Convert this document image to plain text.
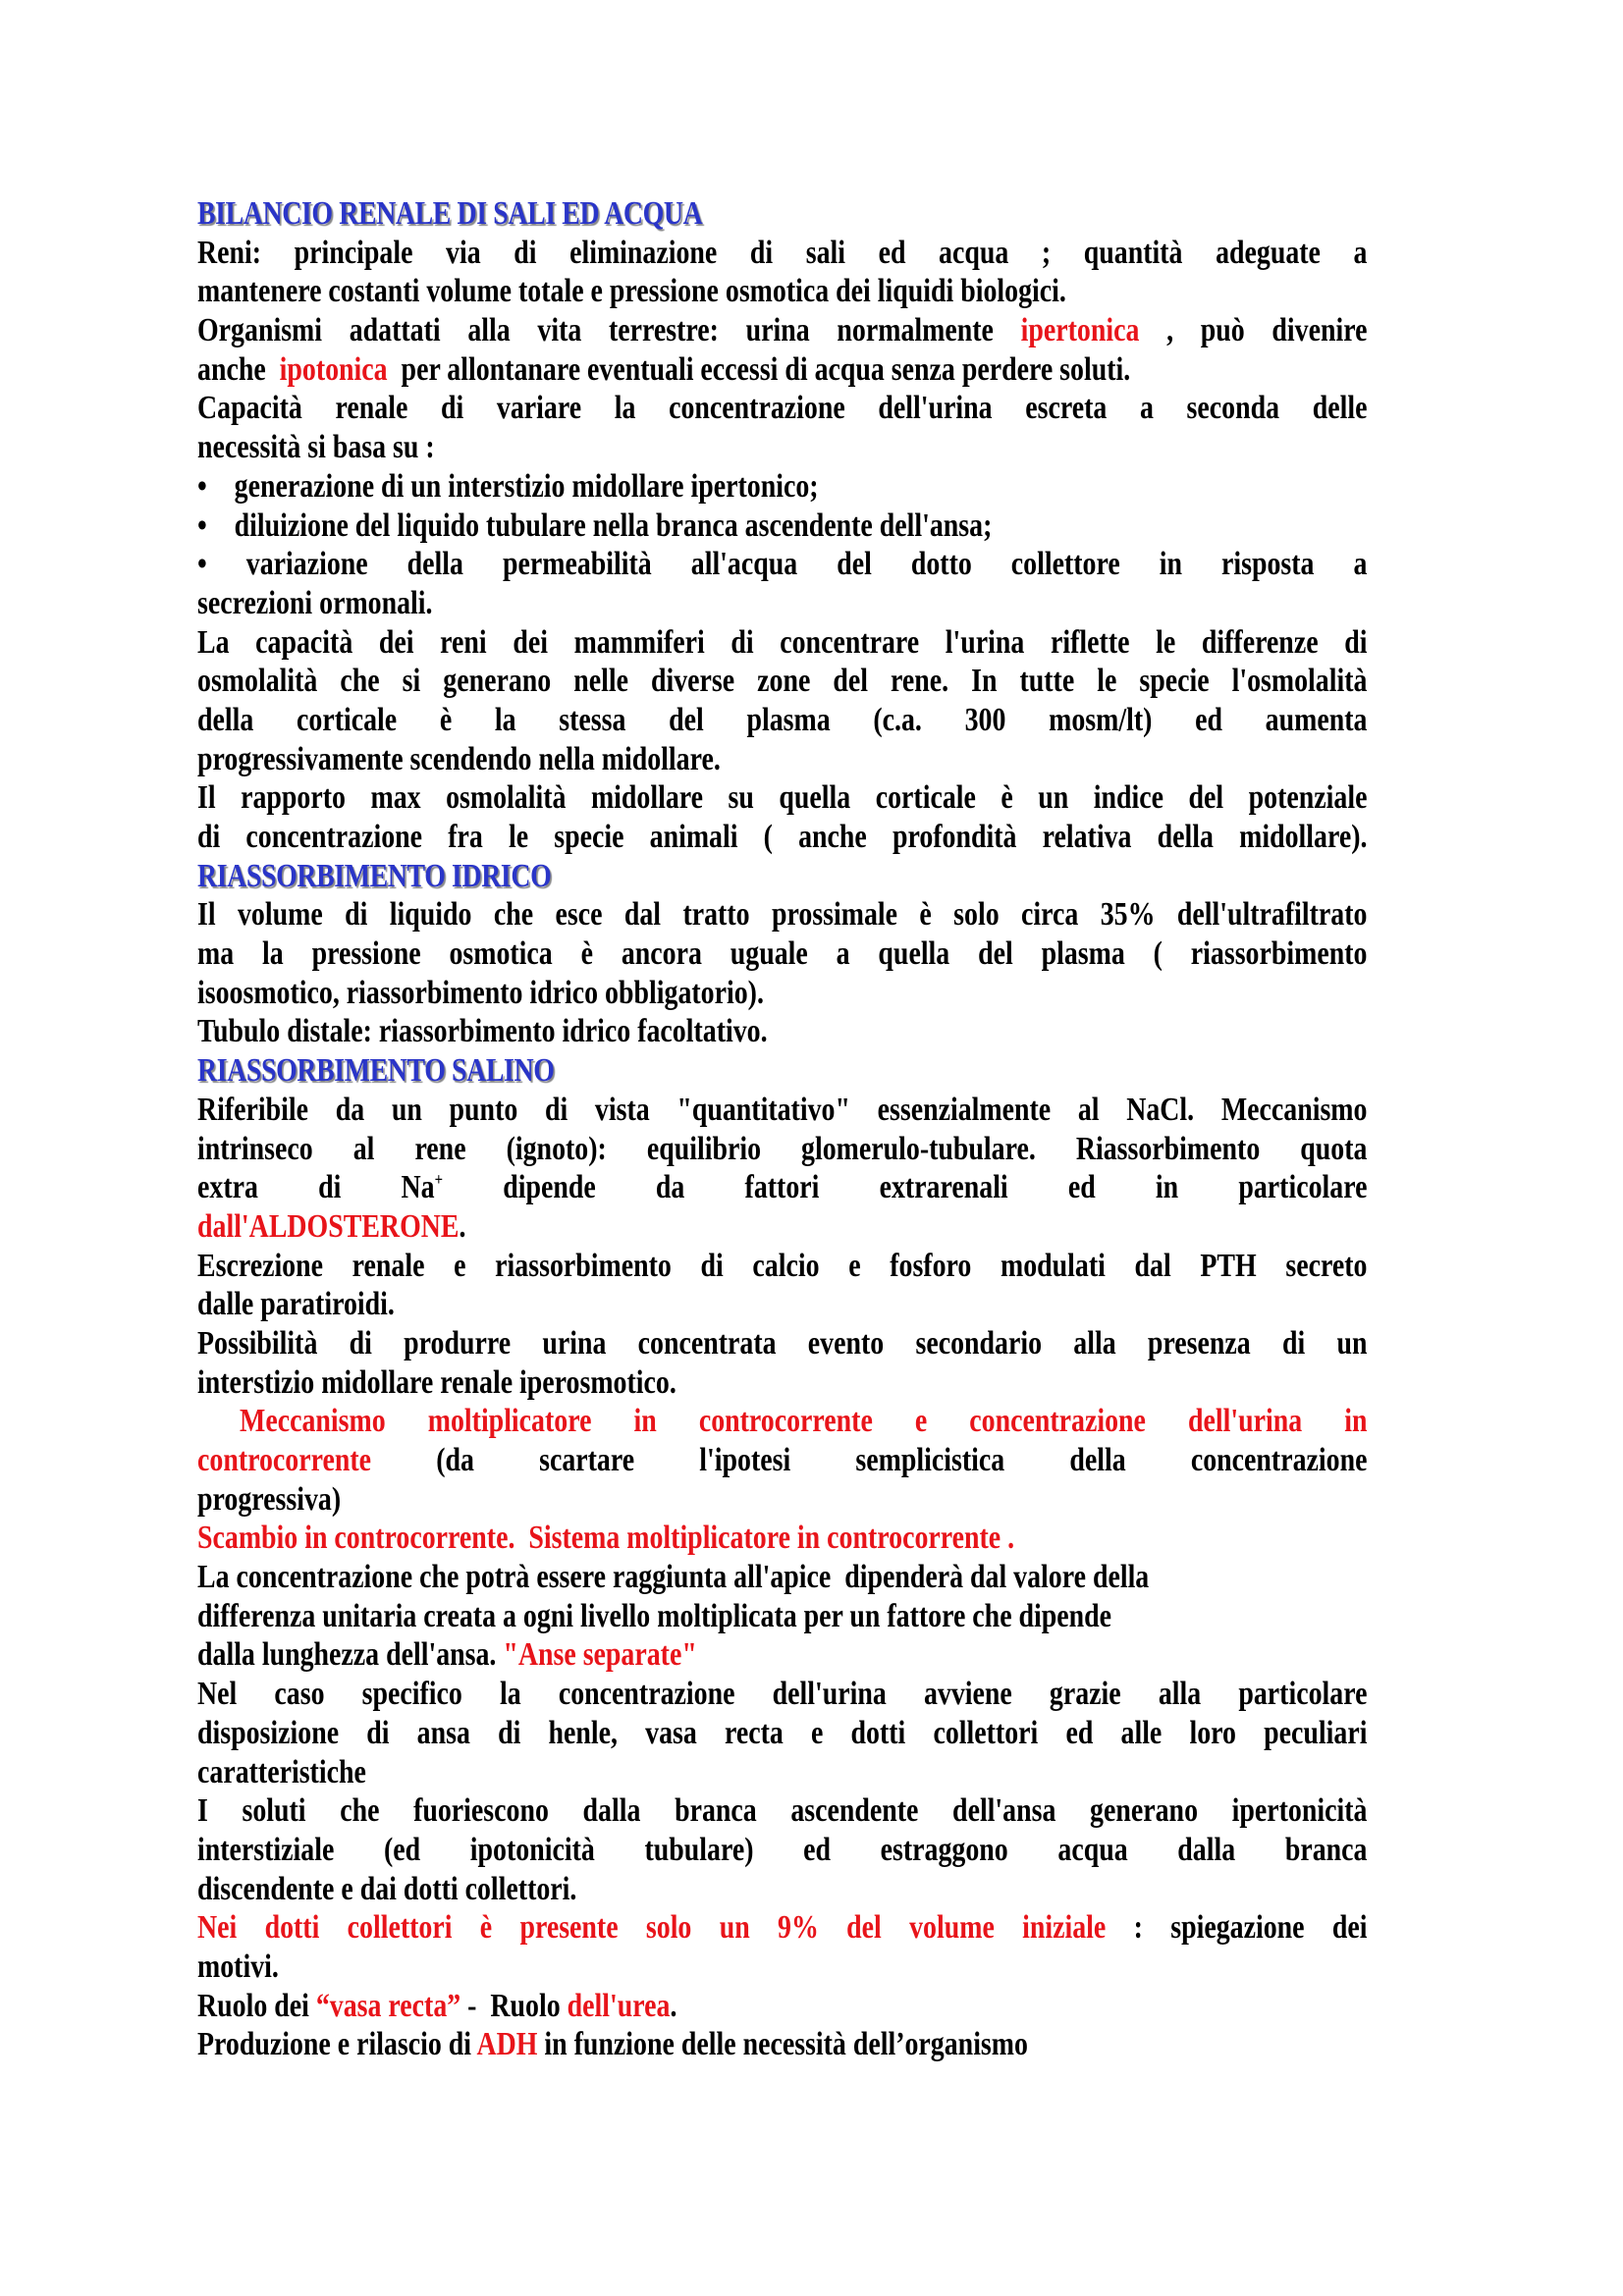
BILANCIO RENALE DI SALI ED ACQUA
Reni: principale via di eliminazione di sali ed acqua ; quantità adeguate a
mantenere costanti volume totale e pressione osmotica dei liquidi biologici.
Organismi adattati alla vita terrestre: urina normalmente ipertonica , può divenire
anche  ipotonica  per allontanare eventuali eccessi di acqua senza perdere soluti.
Capacità renale di variare la concentrazione dell'urina escreta a seconda delle
necessità si basa su :
•    generazione di un interstizio midollare ipertonico;
•    diluizione del liquido tubulare nella branca ascendente dell'ansa;
• variazione della permeabilità all'acqua del dotto collettore in risposta a
secrezioni ormonali.
La capacità dei reni dei mammiferi di concentrare l'urina riflette le differenze di
osmolalità che si generano nelle diverse zone del rene. In tutte le specie l'osmolalità
della corticale è la stessa del plasma (c.a. 300 mosm/lt) ed aumenta
progressivamente scendendo nella midollare.
Il rapporto max osmolalità midollare su quella corticale è un indice del potenziale
di concentrazione fra le specie animali ( anche profondità relativa della midollare).
RIASSORBIMENTO IDRICO
Il volume di liquido che esce dal tratto prossimale è solo circa 35% dell'ultrafiltrato
ma la pressione osmotica è ancora uguale a quella del plasma ( riassorbimento
isoosmotico, riassorbimento idrico obbligatorio).
Tubulo distale: riassorbimento idrico facoltativo.
RIASSORBIMENTO SALINO
Riferibile da un punto di vista "quantitativo" essenzialmente al NaCl. Meccanismo
intrinseco al rene (ignoto): equilibrio glomerulo-tubulare. Riassorbimento quota
extra di Na+ dipende da fattori extrarenali ed in particolare
dall'ALDOSTERONE.
Escrezione renale e riassorbimento di calcio e fosforo modulati dal PTH secreto
dalle paratiroidi.
Possibilità di produrre urina concentrata evento secondario alla presenza di un
interstizio midollare renale iperosmotico.
Meccanismo moltiplicatore in controcorrente e concentrazione dell'urina in
controcorrente (da scartare l'ipotesi semplicistica della concentrazione
progressiva)
Scambio in controcorrente.  Sistema moltiplicatore in controcorrente .
La concentrazione che potrà essere raggiunta all'apice  dipenderà dal valore della
differenza unitaria creata a ogni livello moltiplicata per un fattore che dipende
dalla lunghezza dell'ansa. "Anse separate"
Nel caso specifico la concentrazione dell'urina avviene grazie alla particolare
disposizione di ansa di henle, vasa recta e dotti collettori ed alle loro peculiari
caratteristiche
I soluti che fuoriescono dalla branca ascendente dell'ansa generano ipertonicità
interstiziale (ed ipotonicità tubulare) ed estraggono acqua dalla branca
discendente e dai dotti collettori.
Nei dotti collettori è presente solo un 9% del volume iniziale : spiegazione dei
motivi.
Ruolo dei “vasa recta” -  Ruolo dell'urea.
Produzione e rilascio di ADH in funzione delle necessità dell’organismo
